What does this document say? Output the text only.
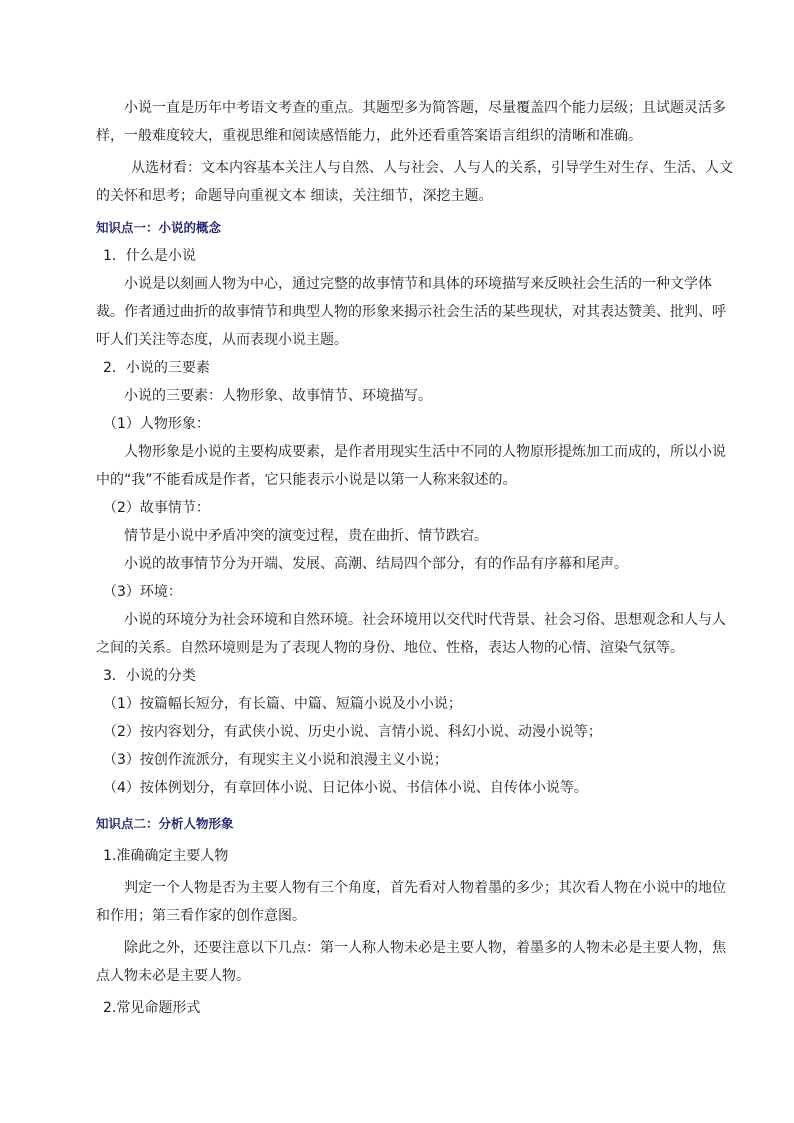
小说一直是历年中考语文考查的重点。其题型多为简答题，尽量覆盖四个能力层级；且试题灵活多样，一般难度较大，重视思维和阅读感悟能力，此外还看重答案语言组织的清晰和准确。

从选材看：文本内容基本关注人与自然、人与社会、人与人的关系，引导学生对生存、生活、人文的关怀和思考；命题导向重视文本 细读，关注细节，深挖主题。

知识点一：小说的概念

1．什么是小说

小说是以刻画人物为中心，通过完整的故事情节和具体的环境描写来反映社会生活的一种文学体裁。作者通过曲折的故事情节和典型人物的形象来揭示社会生活的某些现状，对其表达赞美、批判、呼吁人们关注等态度，从而表现小说主题。

2．小说的三要素

小说的三要素：人物形象、故事情节、环境描写。

（1）人物形象：

人物形象是小说的主要构成要素，是作者用现实生活中不同的人物原形提炼加工而成的，所以小说中的“我”不能看成是作者，它只能表示小说是以第一人称来叙述的。

（2）故事情节：

情节是小说中矛盾冲突的演变过程，贵在曲折、情节跌宕。

小说的故事情节分为开端、发展、高潮、结局四个部分，有的作品有序幕和尾声。

（3）环境：

小说的环境分为社会环境和自然环境。社会环境用以交代时代背景、社会习俗、思想观念和人与人之间的关系。自然环境则是为了表现人物的身份、地位、性格，表达人物的心情、渲染气氛等。

3．小说的分类

（1）按篇幅长短分，有长篇、中篇、短篇小说及小小说；

（2）按内容划分，有武侠小说、历史小说、言情小说、科幻小说、动漫小说等；

（3）按创作流派分，有现实主义小说和浪漫主义小说；

（4）按体例划分，有章回体小说、日记体小说、书信体小说、自传体小说等。

知识点二：分析人物形象

1.准确确定主要人物

判定一个人物是否为主要人物有三个角度，首先看对人物着墨的多少；其次看人物在小说中的地位和作用；第三看作家的创作意图。

除此之外，还要注意以下几点：第一人称人物未必是主要人物，着墨多的人物未必是主要人物，焦点人物未必是主要人物。

2.常见命题形式
